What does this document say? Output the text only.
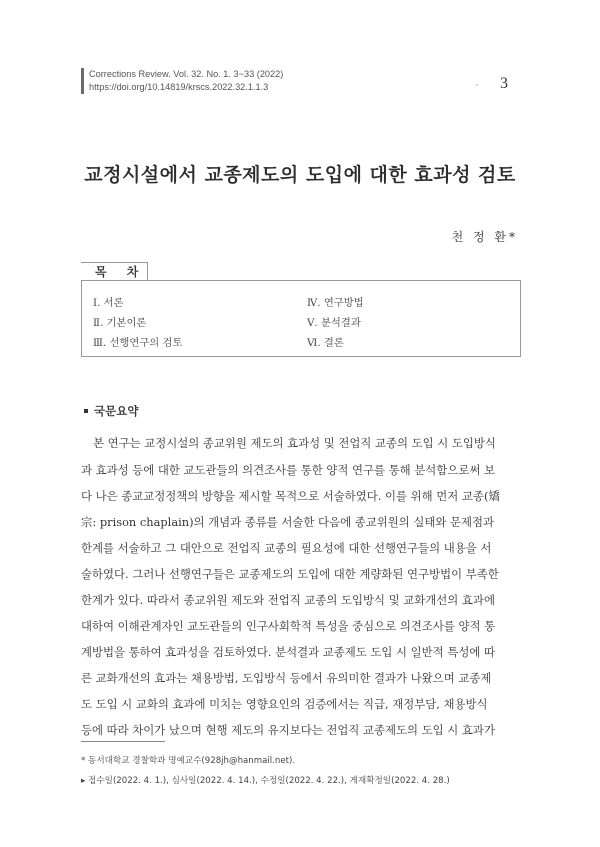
Corrections Review. Vol. 32. No. 1. 3~33 (2022)
https://doi.org/10.14819/krscs.2022.32.1.1.3	* 3
교정시설에서 교종제도의 도입에 대한 효과성 검토
천 정 환*
목 차
Ⅰ. 서론
Ⅱ. 기본이론
Ⅲ. 선행연구의 검토
Ⅳ. 연구방법
Ⅴ. 분석결과
Ⅵ. 결론
국문요약
본 연구는 교정시설의 종교위원 제도의 효과성 및 전업직 교종의 도입 시 도입방식
과 효과성 등에 대한 교도관들의 의견조사를 통한 양적 연구를 통해 분석함으로써 보
다 나은 종교교정정책의 방향을 제시할 목적으로 서술하였다. 이를 위해 먼저 교종(矯
宗: prison chaplain)의 개념과 종류를 서술한 다음에 종교위원의 실태와 문제점과
한계를 서술하고 그 대안으로 전업직 교종의 필요성에 대한 선행연구들의 내용을 서
술하였다. 그러나 선행연구들은 교종제도의 도입에 대한 계량화된 연구방법이 부족한
한계가 있다. 따라서 종교위원 제도와 전업직 교종의 도입방식 및 교화개선의 효과에
대하여 이해관계자인 교도관들의 인구사회학적 특성을 중심으로 의견조사를 양적 통
계방법을 통하여 효과성을 검토하였다. 분석결과 교종제도 도입 시 일반적 특성에 따
른 교화개선의 효과는 채용방법, 도입방식 등에서 유의미한 결과가 나왔으며 교종제
도 도입 시 교화의 효과에 미치는 영향요인의 검증에서는 직급, 재정부담, 채용방식
등에 따라 차이가 났으며 현행 제도의 유지보다는 전업직 교종제도의 도입 시 효과가
* 동서대학교 경찰학과 명예교수(928jh@hanmail.net).
▸ 접수일(2022. 4. 1.), 심사일(2022. 4. 14.), 수정일(2022. 4. 22.), 게재확정일(2022. 4. 28.)
